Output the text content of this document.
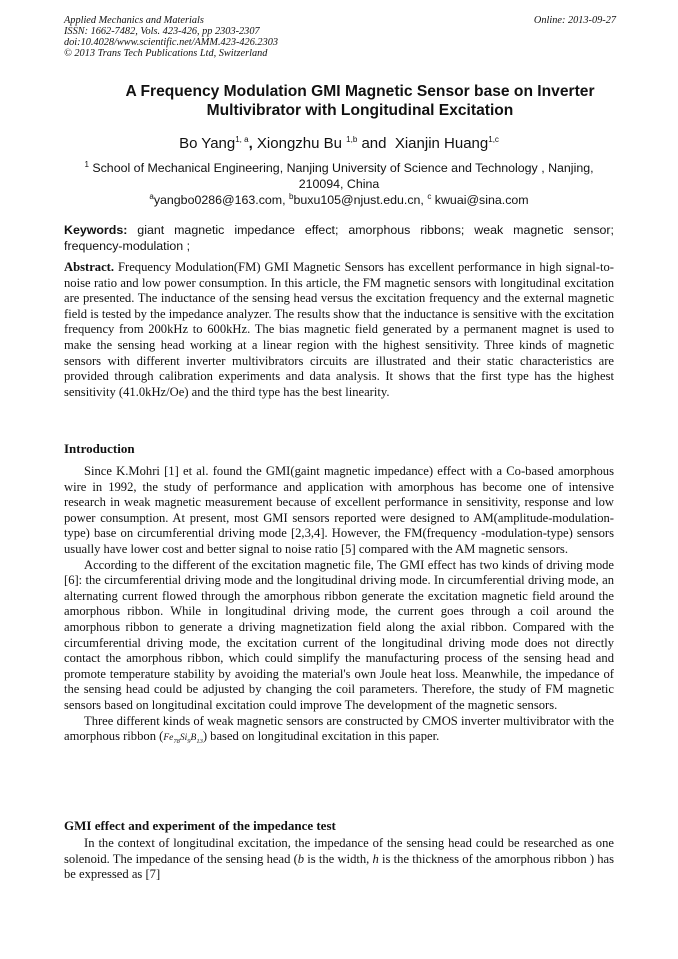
Applied Mechanics and Materials
ISSN: 1662-7482, Vols. 423-426, pp 2303-2307
doi:10.4028/www.scientific.net/AMM.423-426.2303
© 2013 Trans Tech Publications Ltd, Switzerland
Online: 2013-09-27
A Frequency Modulation GMI Magnetic Sensor base on Inverter
Multivibrator with Longitudinal Excitation
Bo Yang$^{1, a}$, Xiongzhu Bu $^{1,b}$ and Xianjin Huang$^{1,c}$
$^1$ School of Mechanical Engineering, Nanjing University of Science and Technology , Nanjing,
210094, China
$^a$yangbo0286@163.com, $^b$buxu105@njust.edu.cn, $^c$ kwuai@sina.com
Keywords: giant magnetic impedance effect; amorphous ribbons; weak magnetic sensor; frequency-modulation ;
Abstract. Frequency Modulation(FM) GMI Magnetic Sensors has excellent performance in high signal-to-noise ratio and low power consumption. In this article, the FM magnetic sensors with longitudinal excitation are presented. The inductance of the sensing head versus the excitation frequency and the external magnetic field is tested by the impedance analyzer. The results show that the inductance is sensitive with the excitation frequency from 200kHz to 600kHz. The bias magnetic field generated by a permanent magnet is used to make the sensing head working at a linear region with the highest sensitivity. Three kinds of magnetic sensors with different inverter multivibrators circuits are illustrated and their static characteristics are provided through calibration experiments and data analysis. It shows that the first type has the highest sensitivity (41.0kHz/Oe) and the third type has the best linearity.
Introduction
Since K.Mohri [1] et al. found the GMI(gaint magnetic impedance) effect with a Co-based amorphous wire in 1992, the study of performance and application with amorphous has become one of intensive research in weak magnetic measurement because of excellent performance in sensitivity, response and low power consumption. At present, most GMI sensors reported were designed to AM(amplitude-modulation-type) base on circumferential driving mode [2,3,4]. However, the FM(frequency -modulation-type) sensors usually have lower cost and better signal to noise ratio [5] compared with the AM magnetic sensors.
According to the different of the excitation magnetic file, The GMI effect has two kinds of driving mode [6]: the circumferential driving mode and the longitudinal driving mode. In circumferential driving mode, an alternating current flowed through the amorphous ribbon generate the excitation magnetic field around the amorphous ribbon. While in longitudinal driving mode, the current goes through a coil around the amorphous ribbon to generate a driving magnetization field along the axial ribbon. Compared with the circumferential driving mode, the excitation current of the longitudinal driving mode does not directly contact the amorphous ribbon, which could simplify the manufacturing process of the sensing head and promote temperature stability by avoiding the material's own Joule heat loss. Meanwhile, the impedance of the sensing head could be adjusted by changing the coil parameters. Therefore, the study of FM magnetic sensors based on longitudinal excitation could improve The development of the magnetic sensors.
Three different kinds of weak magnetic sensors are constructed by CMOS inverter multivibrator with the amorphous ribbon $(Fe_{78}Si_9B_{13})$ based on longitudinal excitation in this paper.
GMI effect and experiment of the impedance test
In the context of longitudinal excitation, the impedance of the sensing head could be researched as one solenoid. The impedance of the sensing head (b is the width, h is the thickness of the amorphous ribbon ) has be expressed as [7]
